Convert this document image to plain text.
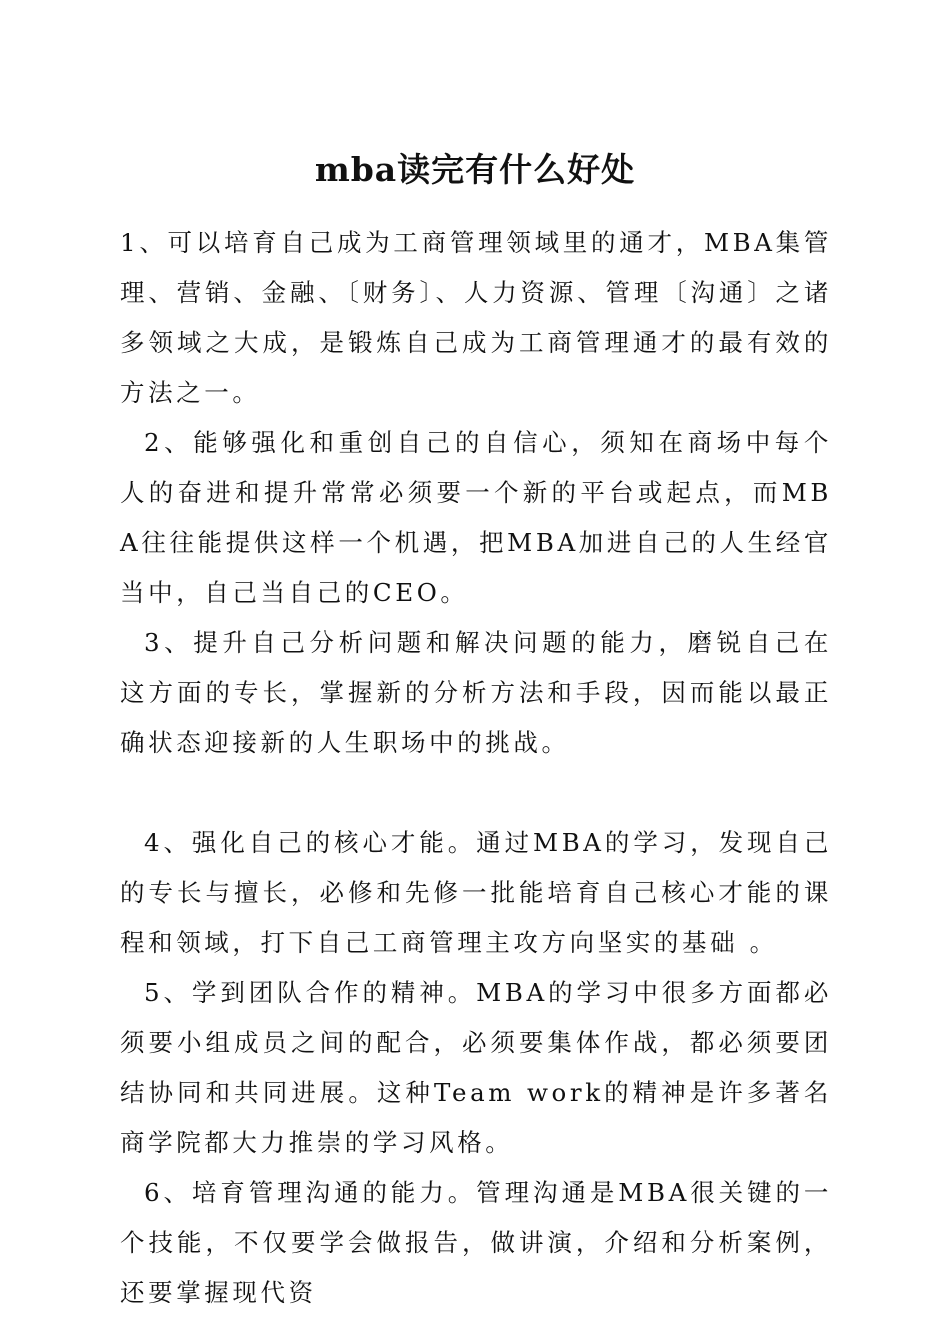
mba读完有什么好处

1、可以培育自己成为工商管理领域里的通才，MBA集管理、营销、金融、〔财务〕、人力资源、管理〔沟通〕之诸多领域之大成，是锻炼自己成为工商管理通才的最有效的方法之一。

2、能够强化和重创自己的自信心，须知在商场中每个人的奋进和提升常常必须要一个新的平台或起点，而MBA往往能提供这样一个机遇，把MBA加进自己的人生经官当中，自己当自己的CEO。

3、提升自己分析问题和解决问题的能力，磨锐自己在这方面的专长，掌握新的分析方法和手段，因而能以最正确状态迎接新的人生职场中的挑战。

4、强化自己的核心才能。通过MBA的学习，发现自己的专长与擅长，必修和先修一批能培育自己核心才能的课程和领域，打下自己工商管理主攻方向坚实的基础 。

5、学到团队合作的精神。MBA的学习中很多方面都必须要小组成员之间的配合，必须要集体作战，都必须要团结协同和共同进展。这种Team work的精神是许多著名商学院都大力推崇的学习风格。

6、培育管理沟通的能力。管理沟通是MBA很关键的一个技能，不仅要学会做报告，做讲演，介绍和分析案例，还要掌握现代资
